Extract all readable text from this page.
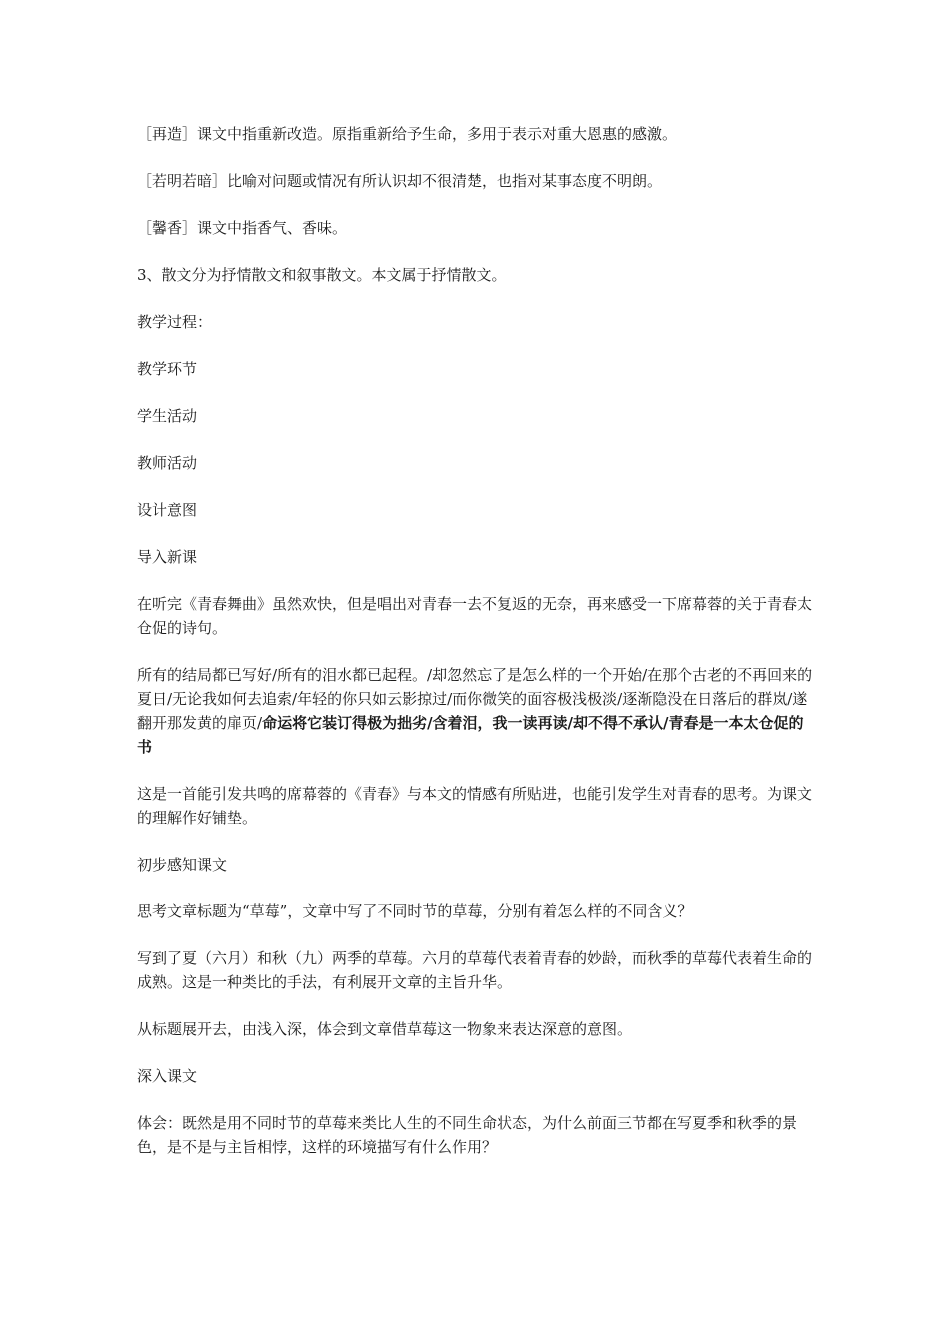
［再造］课文中指重新改造。原指重新给予生命，多用于表示对重大恩惠的感激。

［若明若暗］比喻对问题或情况有所认识却不很清楚，也指对某事态度不明朗。

［馨香］课文中指香气、香味。

3、散文分为抒情散文和叙事散文。本文属于抒情散文。

教学过程：

教学环节

学生活动

教师活动

设计意图

导入新课

在听完《青春舞曲》虽然欢快，但是唱出对青春一去不复返的无奈，再来感受一下席幕蓉的关于青春太仓促的诗句。

所有的结局都已写好/所有的泪水都已起程。/却忽然忘了是怎么样的一个开始/在那个古老的不再回来的夏日/无论我如何去追索/年轻的你只如云影掠过/而你微笑的面容极浅极淡/逐渐隐没在日落后的群岚/遂翻开那发黄的扉页/命运将它装订得极为拙劣/含着泪，我一读再读/却不得不承认/青春是一本太仓促的书

这是一首能引发共鸣的席幕蓉的《青春》与本文的情感有所贴进，也能引发学生对青春的思考。为课文的理解作好铺垫。

初步感知课文

思考文章标题为“草莓”，文章中写了不同时节的草莓，分别有着怎么样的不同含义？

写到了夏（六月）和秋（九）两季的草莓。六月的草莓代表着青春的妙龄，而秋季的草莓代表着生命的成熟。这是一种类比的手法，有利展开文章的主旨升华。

从标题展开去，由浅入深，体会到文章借草莓这一物象来表达深意的意图。

深入课文

体会：既然是用不同时节的草莓来类比人生的不同生命状态，为什么前面三节都在写夏季和秋季的景色，是不是与主旨相悖，这样的环境描写有什么作用？
